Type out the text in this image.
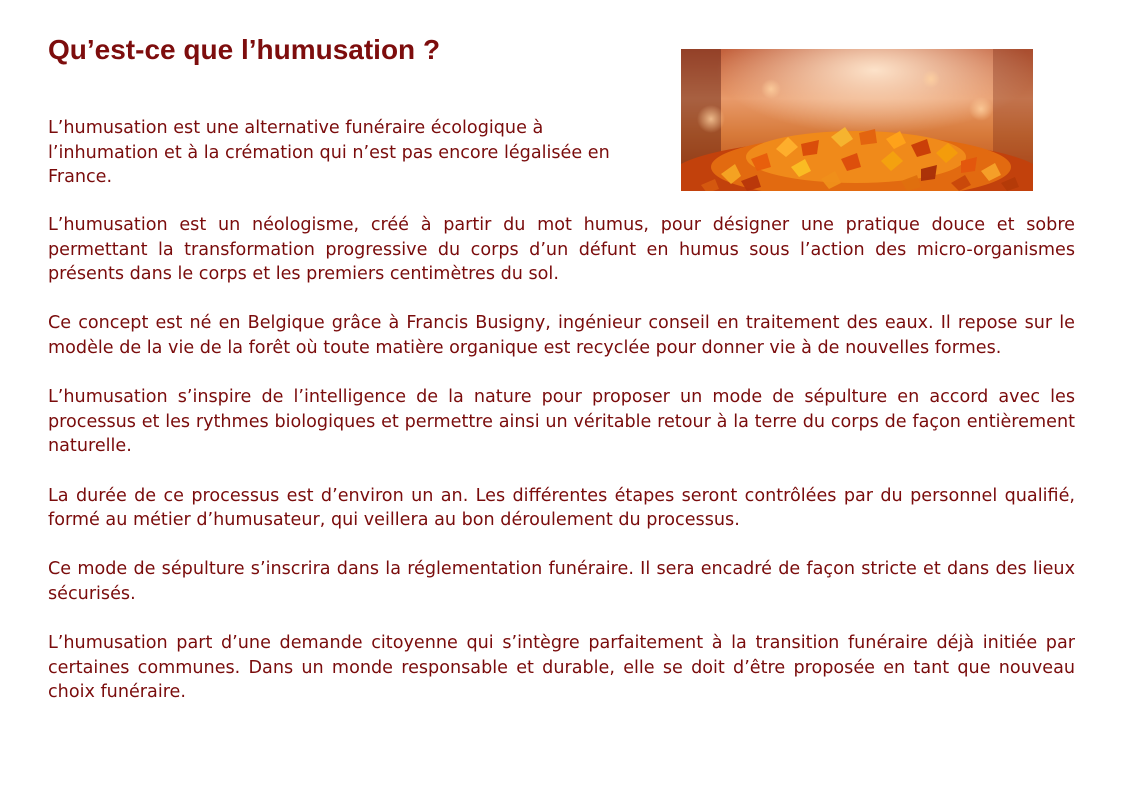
Qu’est-ce que l’humusation ?

L’humusation est une alternative funéraire écologique à l’inhumation et à la crémation qui n’est pas encore légalisée en France.

L’humusation est un néologisme, créé à partir du mot humus, pour désigner une pratique douce et sobre permettant la transformation progressive du corps d’un défunt en humus sous l’action des micro-organismes présents dans le corps et les premiers centimètres du sol.

Ce concept est né en Belgique grâce à Francis Busigny, ingénieur conseil en traitement des eaux. Il repose sur le modèle de la vie de la forêt où toute matière organique est recyclée pour donner vie à de nouvelles formes.

L’humusation s’inspire de l’intelligence de la nature pour proposer un mode de sépulture en accord avec les processus et les rythmes biologiques et permettre ainsi un véritable retour à la terre du corps de façon entièrement naturelle.

La durée de ce processus est d’environ un an. Les différentes étapes seront contrôlées par du personnel qualifié, formé au métier d’humusateur, qui veillera au bon déroulement du processus.

Ce mode de sépulture s’inscrira dans la réglementation funéraire. Il sera encadré de façon stricte et dans des lieux sécurisés.

L’humusation part d’une demande citoyenne qui s’intègre parfaitement à la transition funéraire déjà initiée par certaines communes. Dans un monde responsable et durable, elle se doit d’être proposée en tant que nouveau choix funéraire.
